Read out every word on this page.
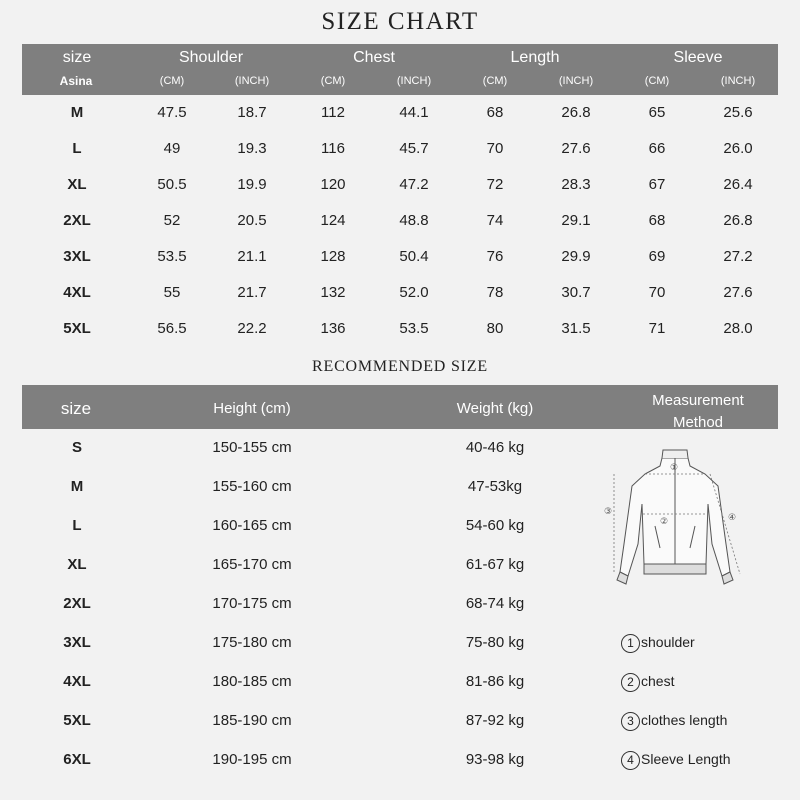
SIZE CHART
size
Asina
Shoulder	Chest	Length	Sleeve
(CM)	(INCH)	(CM)	(INCH)	(CM)	(INCH)	(CM)	(INCH)
M	47.5	18.7	112	44.1	68	26.8	65	25.6
L	49	19.3	116	45.7	70	27.6	66	26.0
XL	50.5	19.9	120	47.2	72	28.3	67	26.4
2XL	52	20.5	124	48.8	74	29.1	68	26.8
3XL	53.5	21.1	128	50.4	76	29.9	69	27.2
4XL	55	21.7	132	52.0	78	30.7	70	27.6
5XL	56.5	22.2	136	53.5	80	31.5	71	28.0
RECOMMENDED SIZE
size	Height (cm)	Weight (kg)	Measurement
Method
S	150-155 cm	40-46 kg
M	155-160 cm	47-53kg
L	160-165 cm	54-60 kg
XL	165-170 cm	61-67 kg
2XL	170-175 cm	68-74 kg
3XL	175-180 cm	75-80 kg
4XL	180-185 cm	81-86 kg
5XL	185-190 cm	87-92 kg
6XL	190-195 cm	93-98 kg
①
②
③
④
1 shoulder
2 chest
3 clothes length
4 Sleeve Length
